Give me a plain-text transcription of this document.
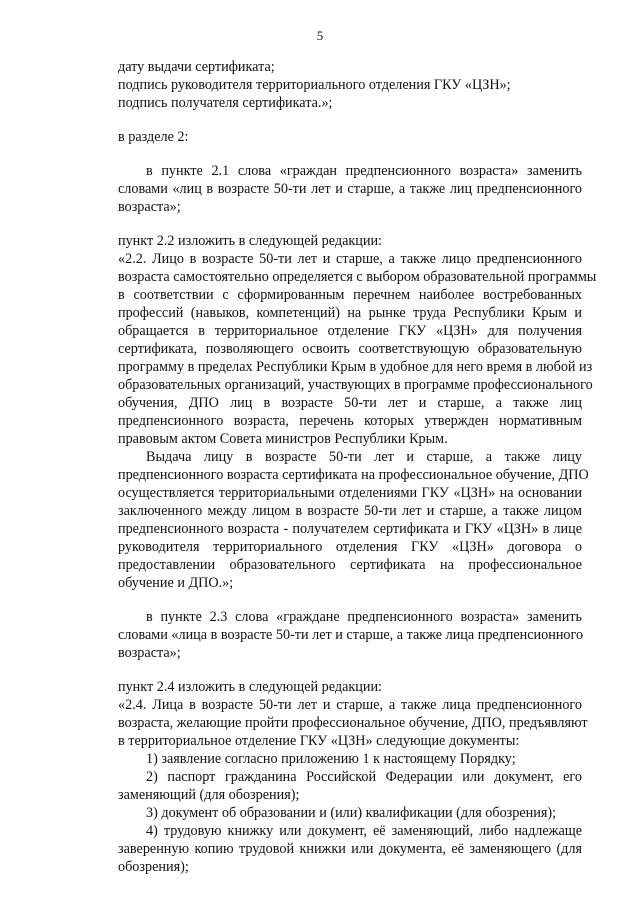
5
дату выдачи сертификата;
подпись руководителя территориального отделения ГКУ «ЦЗН»;
подпись получателя сертификата.»;
в разделе 2:
в пункте 2.1 слова «граждан предпенсионного возраста» заменить
словами «лиц в возрасте 50-ти лет и старше, а также лиц предпенсионного
возраста»;
пункт 2.2 изложить в следующей редакции:
«2.2. Лицо в возрасте 50-ти лет и старше, а также лицо предпенсионного
возраста самостоятельно определяется с выбором образовательной программы
в соответствии с сформированным перечнем наиболее востребованных
профессий (навыков, компетенций) на рынке труда Республики Крым и
обращается в территориальное отделение ГКУ «ЦЗН» для получения
сертификата, позволяющего освоить соответствующую образовательную
программу в пределах Республики Крым в удобное для него время в любой из
образовательных организаций, участвующих в программе профессионального
обучения, ДПО лиц в возрасте 50-ти лет и старше, а также лиц
предпенсионного возраста, перечень которых утвержден нормативным
правовым актом Совета министров Республики Крым.
Выдача лицу в возрасте 50-ти лет и старше, а также лицу
предпенсионного возраста сертификата на профессиональное обучение, ДПО
осуществляется территориальными отделениями ГКУ «ЦЗН» на основании
заключенного между лицом в возрасте 50-ти лет и старше, а также лицом
предпенсионного возраста - получателем сертификата и ГКУ «ЦЗН» в лице
руководителя территориального отделения ГКУ «ЦЗН» договора о
предоставлении образовательного сертификата на профессиональное
обучение и ДПО.»;
в пункте 2.3 слова «граждане предпенсионного возраста» заменить
словами «лица в возрасте 50-ти лет и старше, а также лица предпенсионного
возраста»;
пункт 2.4 изложить в следующей редакции:
«2.4. Лица в возрасте 50-ти лет и старше, а также лица предпенсионного
возраста, желающие пройти профессиональное обучение, ДПО, предъявляют
в территориальное отделение ГКУ «ЦЗН» следующие документы:
1) заявление согласно приложению 1 к настоящему Порядку;
2) паспорт гражданина Российской Федерации или документ, его
заменяющий (для обозрения);
3) документ об образовании и (или) квалификации (для обозрения);
4) трудовую книжку или документ, её заменяющий, либо надлежаще
заверенную копию трудовой книжки или документа, её заменяющего (для
обозрения);
